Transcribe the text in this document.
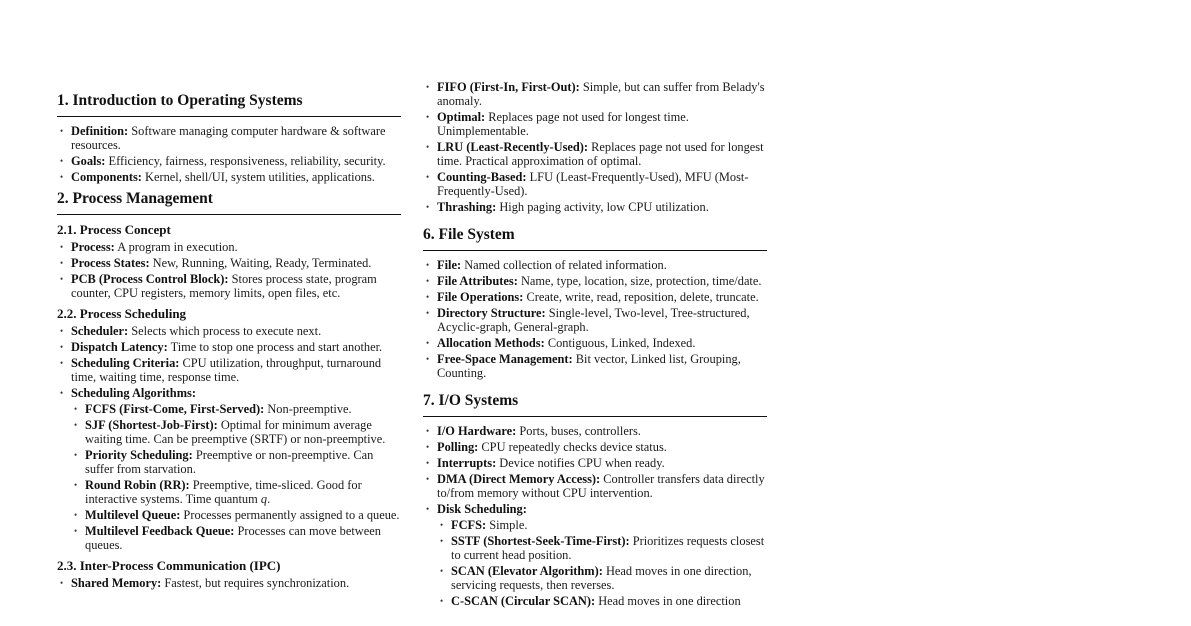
1. Introduction to Operating Systems
• Definition: Software managing computer hardware & software resources.
• Goals: Efficiency, fairness, responsiveness, reliability, security.
• Components: Kernel, shell/UI, system utilities, applications.
2. Process Management
2.1. Process Concept
• Process: A program in execution.
• Process States: New, Running, Waiting, Ready, Terminated.
• PCB (Process Control Block): Stores process state, program counter, CPU registers, memory limits, open files, etc.
2.2. Process Scheduling
• Scheduler: Selects which process to execute next.
• Dispatch Latency: Time to stop one process and start another.
• Scheduling Criteria: CPU utilization, throughput, turnaround time, waiting time, response time.
• Scheduling Algorithms:
• FCFS (First-Come, First-Served): Non-preemptive.
• SJF (Shortest-Job-First): Optimal for minimum average waiting time. Can be preemptive (SRTF) or non-preemptive.
• Priority Scheduling: Preemptive or non-preemptive. Can suffer from starvation.
• Round Robin (RR): Preemptive, time-sliced. Good for interactive systems. Time quantum q.
• Multilevel Queue: Processes permanently assigned to a queue.
• Multilevel Feedback Queue: Processes can move between queues.
2.3. Inter-Process Communication (IPC)
• Shared Memory: Fastest, but requires synchronization.
• FIFO (First-In, First-Out): Simple, but can suffer from Belady's anomaly.
• Optimal: Replaces page not used for longest time. Unimplementable.
• LRU (Least-Recently-Used): Replaces page not used for longest time. Practical approximation of optimal.
• Counting-Based: LFU (Least-Frequently-Used), MFU (Most-Frequently-Used).
• Thrashing: High paging activity, low CPU utilization.
6. File System
• File: Named collection of related information.
• File Attributes: Name, type, location, size, protection, time/date.
• File Operations: Create, write, read, reposition, delete, truncate.
• Directory Structure: Single-level, Two-level, Tree-structured, Acyclic-graph, General-graph.
• Allocation Methods: Contiguous, Linked, Indexed.
• Free-Space Management: Bit vector, Linked list, Grouping, Counting.
7. I/O Systems
• I/O Hardware: Ports, buses, controllers.
• Polling: CPU repeatedly checks device status.
• Interrupts: Device notifies CPU when ready.
• DMA (Direct Memory Access): Controller transfers data directly to/from memory without CPU intervention.
• Disk Scheduling:
• FCFS: Simple.
• SSTF (Shortest-Seek-Time-First): Prioritizes requests closest to current head position.
• SCAN (Elevator Algorithm): Head moves in one direction, servicing requests, then reverses.
• C-SCAN (Circular SCAN): Head moves in one direction
